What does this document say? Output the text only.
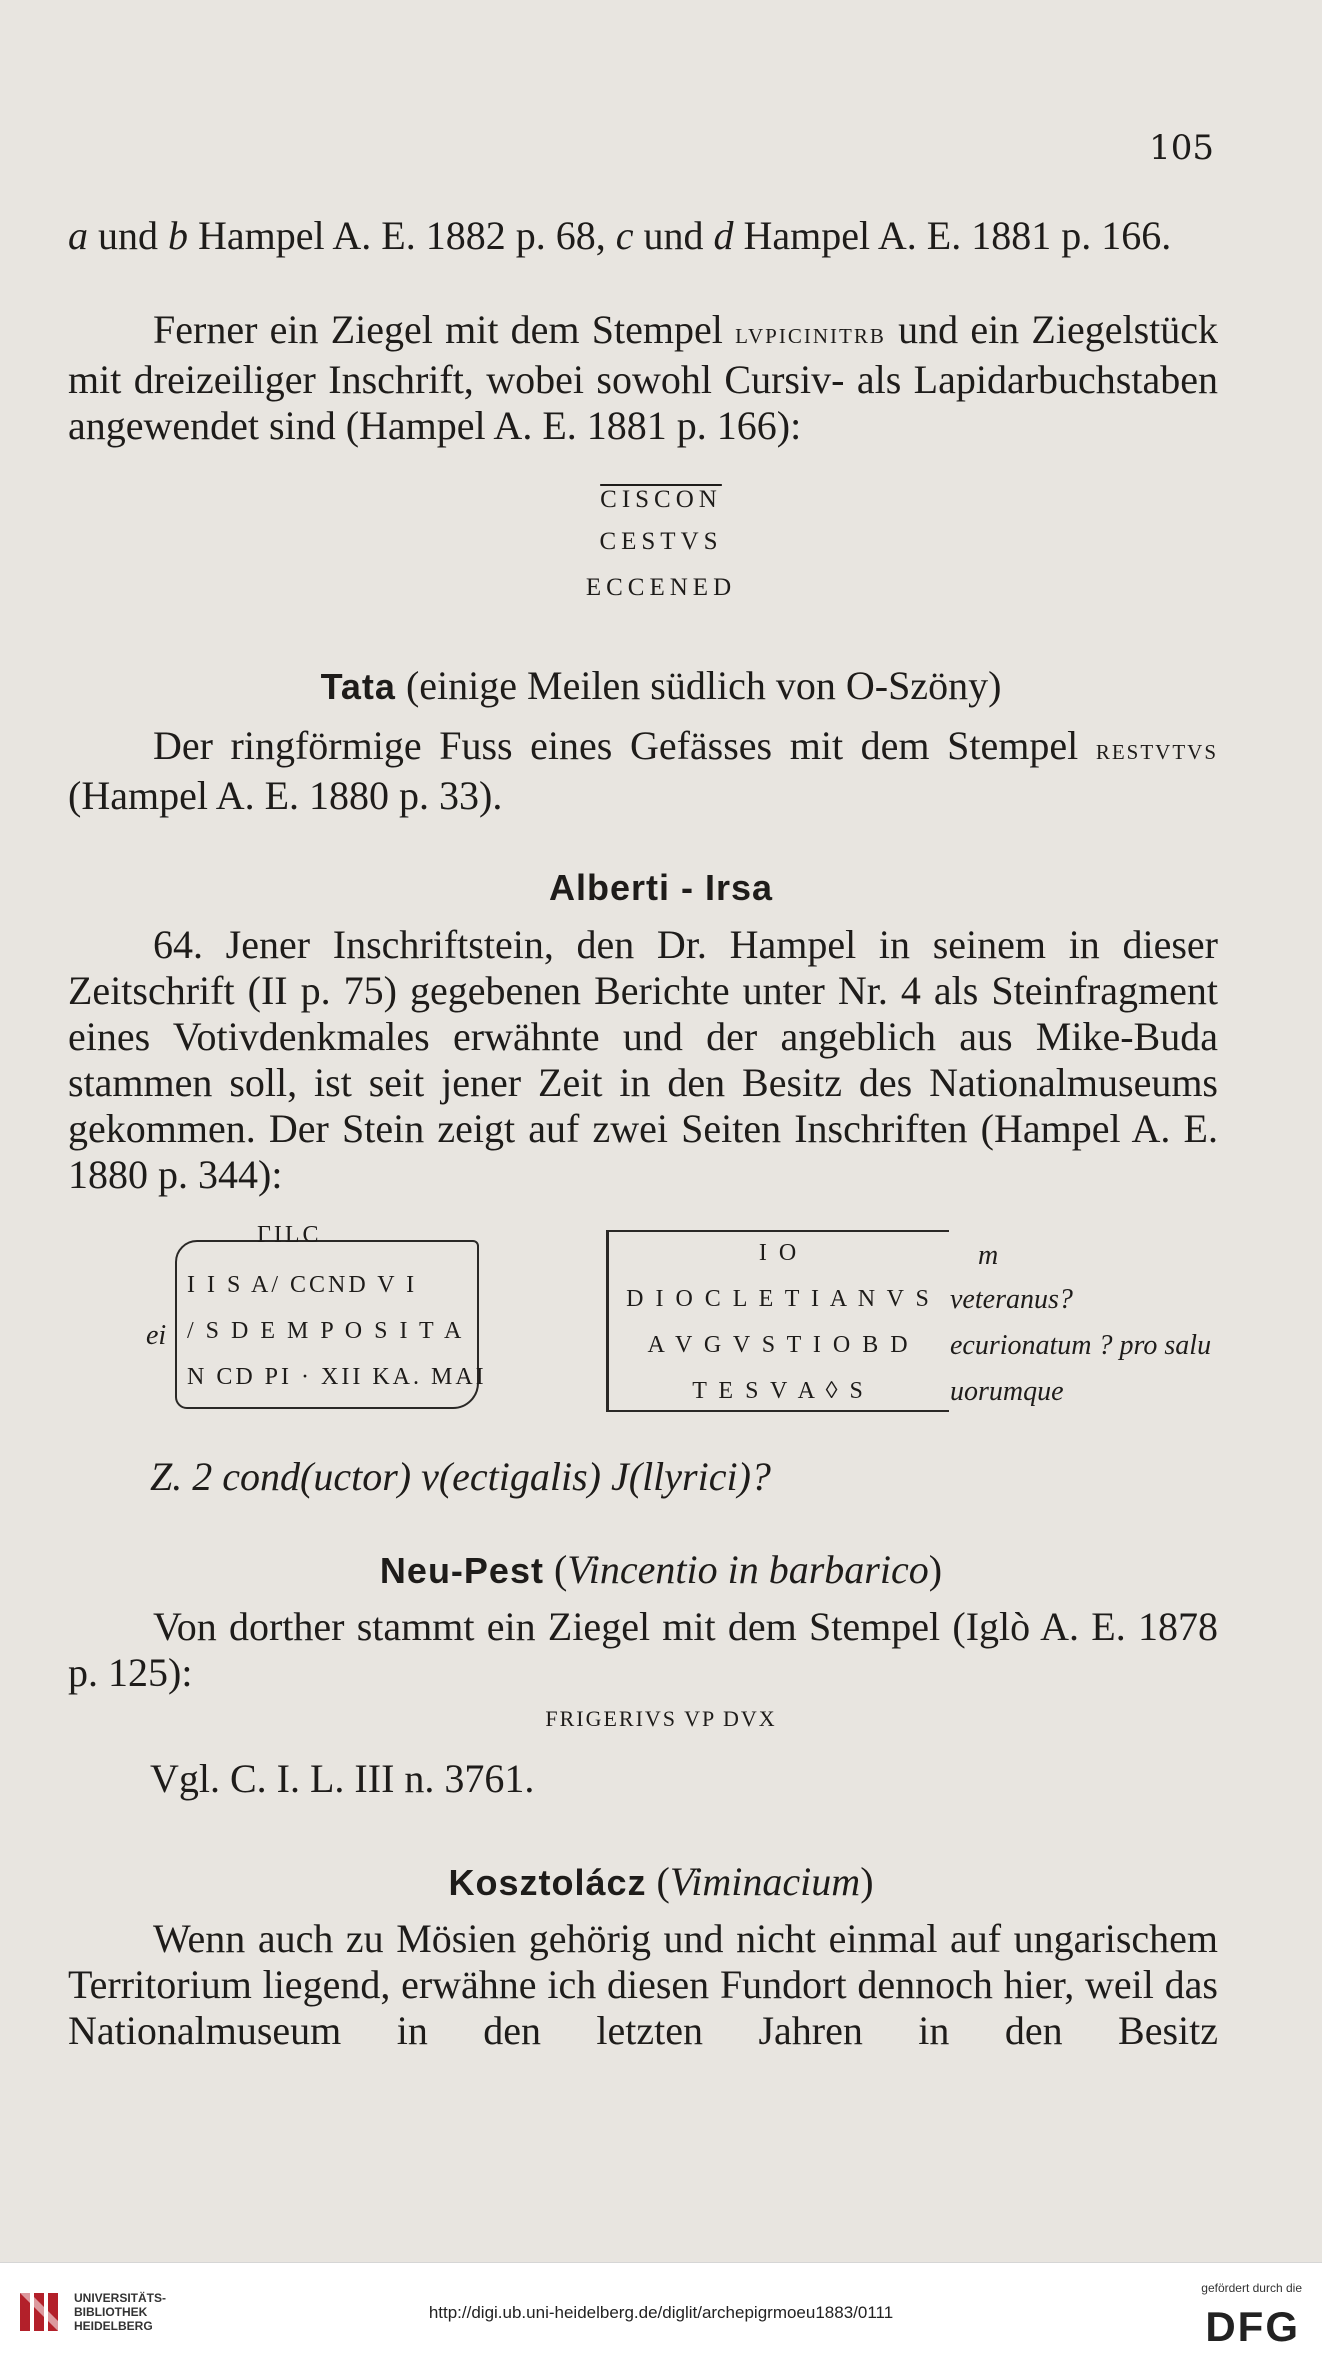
105
a und b Hampel A. E. 1882 p. 68, c und d Hampel A. E. 1881 p. 166.
Ferner ein Ziegel mit dem Stempel lvpicinitrb und ein Ziegelstück mit dreizeiliger Inschrift, wobei sowohl Cursiv- als Lapidarbuchstaben angewendet sind (Hampel A. E. 1881 p. 166):
CISCON
CESTVS
ECCENED
Tata (einige Meilen südlich von O-Szöny)
Der ringförmige Fuss eines Gefässes mit dem Stempel restvtvs (Hampel A. E. 1880 p. 33).
Alberti - Irsa
64. Jener Inschriftstein, den Dr. Hampel in seinem in dieser Zeitschrift (II p. 75) gegebenen Berichte unter Nr. 4 als Steinfragment eines Votivdenkmales erwähnte und der angeblich aus Mike-Buda stammen soll, ist seit jener Zeit in den Besitz des Nationalmuseums gekommen. Der Stein zeigt auf zwei Seiten Inschriften (Hampel A. E. 1880 p. 344):
ΓΙLC
I I S A/ CCND V I
/ S D E M P O S I T A
N CD PI · XII KA. MAI
ei
I O
D I O C L E T I A N V S
A V G V S T I O B D
T E S V A ◊ S
m
veteranus?
ecurionatum ? pro salu
uorumque
Z. 2 cond(uctor) v(ectigalis) J(llyrici)?
Neu-Pest (Vincentio in barbarico)
Von dorther stammt ein Ziegel mit dem Stempel (Iglò A. E. 1878 p. 125):
FRIGERIVS VP DVX
Vgl. C. I. L. III n. 3761.
Kosztolácz (Viminacium)
Wenn auch zu Mösien gehörig und nicht einmal auf ungarischem Territorium liegend, erwähne ich diesen Fundort dennoch hier, weil das Nationalmuseum in den letzten Jahren in den Besitz
UNIVERSITÄTS-
BIBLIOTHEK
HEIDELBERG
http://digi.ub.uni-heidelberg.de/diglit/archepigrmoeu1883/0111
gefördert durch die
DFG
